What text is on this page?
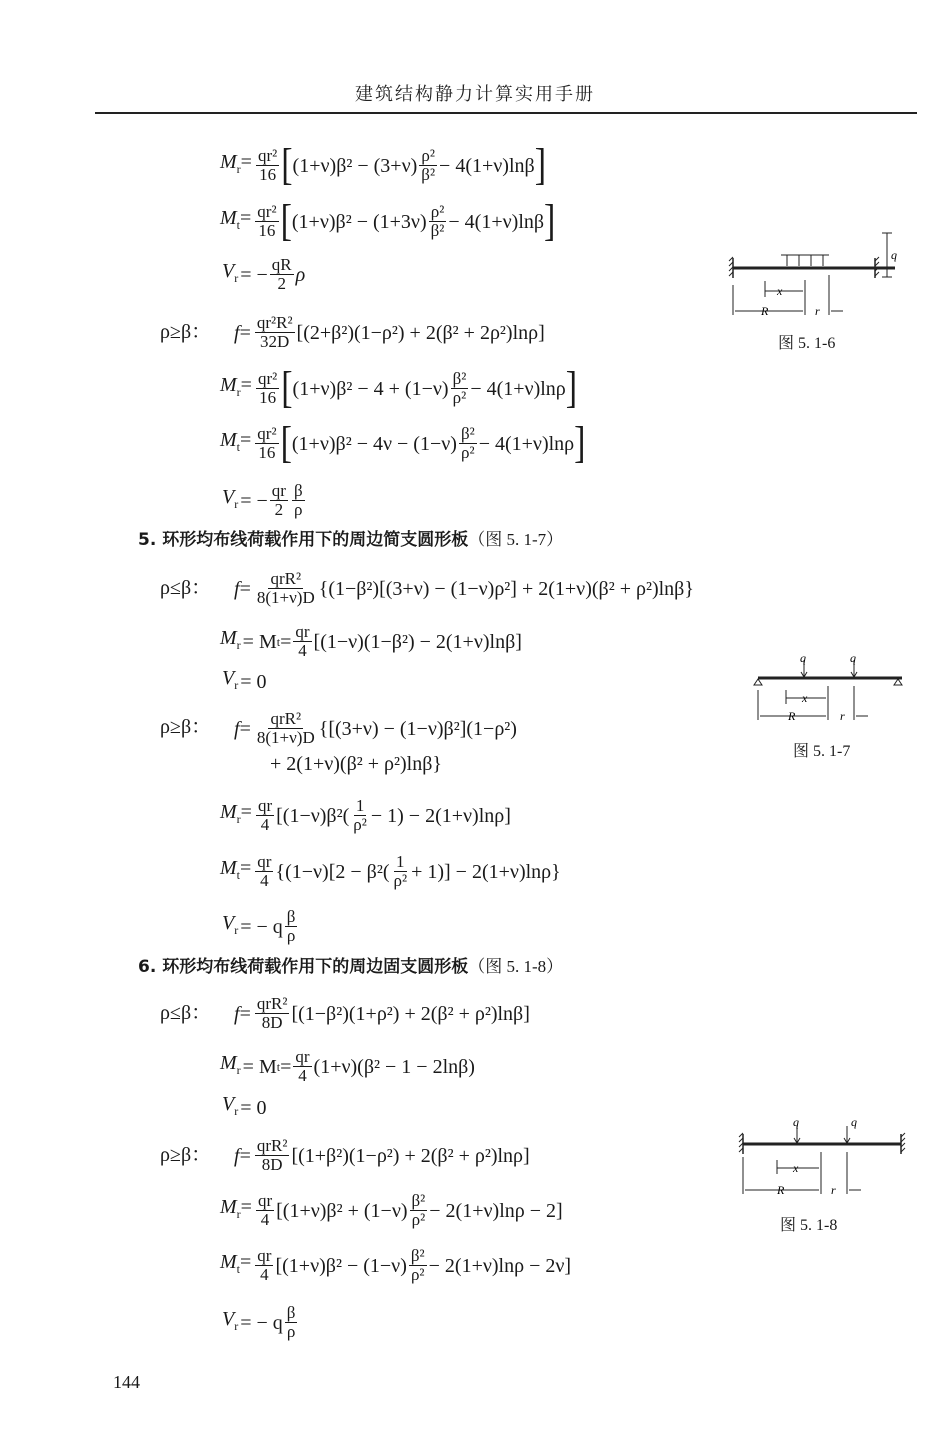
建筑结构静力计算实用手册
$M_r= \frac{\text{qr²}}{16}$ [ $(1+\nu)\beta^2 - (3+\nu) \frac{\text{ρ²}}{\text{β²}} - 4(1+\nu)\ln\beta$ ]
$M_t= \frac{\text{qr²}}{16}$ [ $(1+\nu)\beta^2 - (1+3\nu) \frac{\text{ρ²}}{\text{β²}} - 4(1+\nu)\ln\beta$ ]
$V_r$ = − $\frac{qR}{2}$ ρ
ρ≥β： $f= \frac{\text{qr²R²}}{32D} [(2+\beta^2)(1-\rho^2) + 2(\beta^2 + 2\rho^2)\ln\rho]$
$M_r= \frac{\text{qr²}}{16}$ [ $(1+\nu)\beta^2 - 4 + (1-\nu) \frac{\text{β²}}{\text{ρ²}} - 4(1+\nu)\ln\rho$ ]
$M_t= \frac{\text{qr²}}{16}$ [ $(1+\nu)\beta^2 - 4\nu - (1-\nu) \frac{\text{β²}}{\text{ρ²}} - 4(1+\nu)\ln\rho$ ]
$V_r$ = − $\frac{qr}{2} \frac{\beta}{\rho}$
5. 环形均布线荷载作用下的周边简支圆形板（图 5. 1-7）
ρ≤β： $f= \frac{\text{qrR²}}{8(1+\nu)D} \{(1-\beta^2)[(3+\nu) - (1-\nu)\rho^2] + 2(1+\nu)(\beta^2 + \rho^2)\ln\beta\}$
$M_r = M$ $t = \frac{qr}{4} [(1-\nu)(1-\beta^2) - 2(1+\nu)\ln\beta]$
$V_r = 0$
ρ≥β： $f= \frac{\text{qrR²}}{8(1+\nu)D} \{[(3+\nu) - (1-\nu)\beta^2](1-\rho^2)$
+ 2(1+ν)(β² + ρ²)lnβ}
$M_r= \frac{qr}{4} [(1-\nu)\beta^2( \frac{1}{\text{ρ²}} - 1) - 2(1+\nu)\ln\rho]$
$M_t= \frac{qr}{4} \{(1-\nu)[2 - \beta^2( \frac{1}{\text{ρ²}} + 1)] - 2(1+\nu)\ln\rho\}$
$V_r$ = − q $\frac{\beta}{\rho}$
6. 环形均布线荷载作用下的周边固支圆形板（图 5. 1-8）
ρ≤β： $f= \frac{\text{qrR²}}{8D} [(1-\beta^2)(1+\rho^2) + 2(\beta^2 + \rho^2)\ln\beta]$
$M_r = M$ $t = \frac{qr}{4} (1+\nu)(\beta^2 - 1 - 2\ln\beta)$
$V_r = 0$
ρ≥β： $f= \frac{\text{qrR²}}{8D} [(1+\beta^2)(1-\rho^2) + 2(\beta^2 + \rho^2)\ln\rho]$
$M_r= \frac{qr}{4} [(1+\nu)\beta^2 + (1-\nu) \frac{\text{β²}}{\text{ρ²}} - 2(1+\nu)\ln\rho - 2]$
$M_t= \frac{qr}{4} [(1+\nu)\beta^2 - (1-\nu) \frac{\text{β²}}{\text{ρ²}} - 2(1+\nu)\ln\rho - 2\nu]$
$V_r$ = − q $\frac{\beta}{\rho}$
x
R	r
q
图 5. 1-6
q	q
x
R	r
图 5. 1-7
q	q
x
R	r
图 5. 1-8
144
